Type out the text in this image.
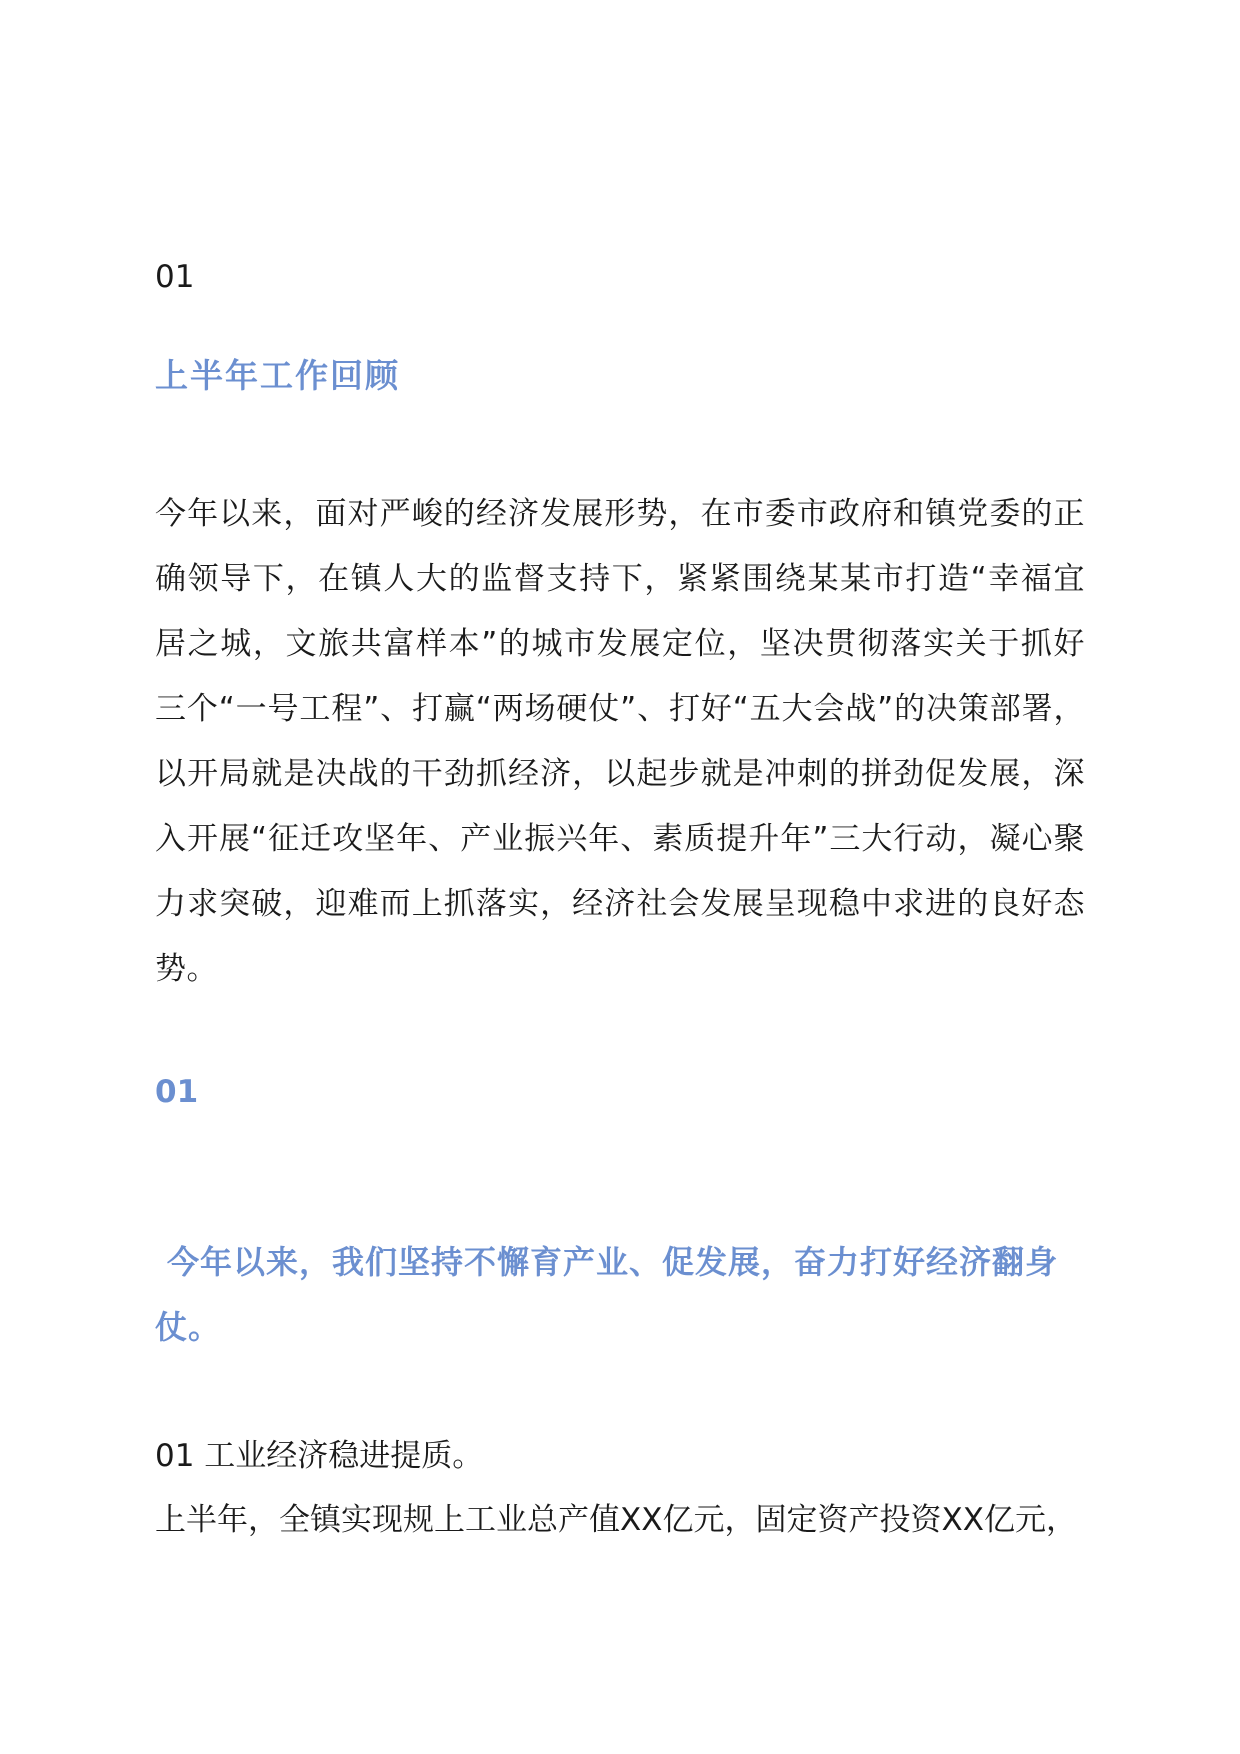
01

上半年工作回顾

今年以来，面对严峻的经济发展形势，在市委市政府和镇党委的正确领导下，在镇人大的监督支持下，紧紧围绕某某市打造“幸福宜居之城，文旅共富样本”的城市发展定位，坚决贯彻落实关于抓好三个“一号工程”、打赢“两场硬仗”、打好“五大会战”的决策部署，以开局就是决战的干劲抓经济，以起步就是冲刺的拼劲促发展，深入开展“征迁攻坚年、产业振兴年、素质提升年”三大行动，凝心聚力求突破，迎难而上抓落实，经济社会发展呈现稳中求进的良好态势。

01

今年以来，我们坚持不懈育产业、促发展，奋力打好经济翻身仗。

01 工业经济稳进提质。

上半年，全镇实现规上工业总产值XX亿元，固定资产投资XX亿元，
